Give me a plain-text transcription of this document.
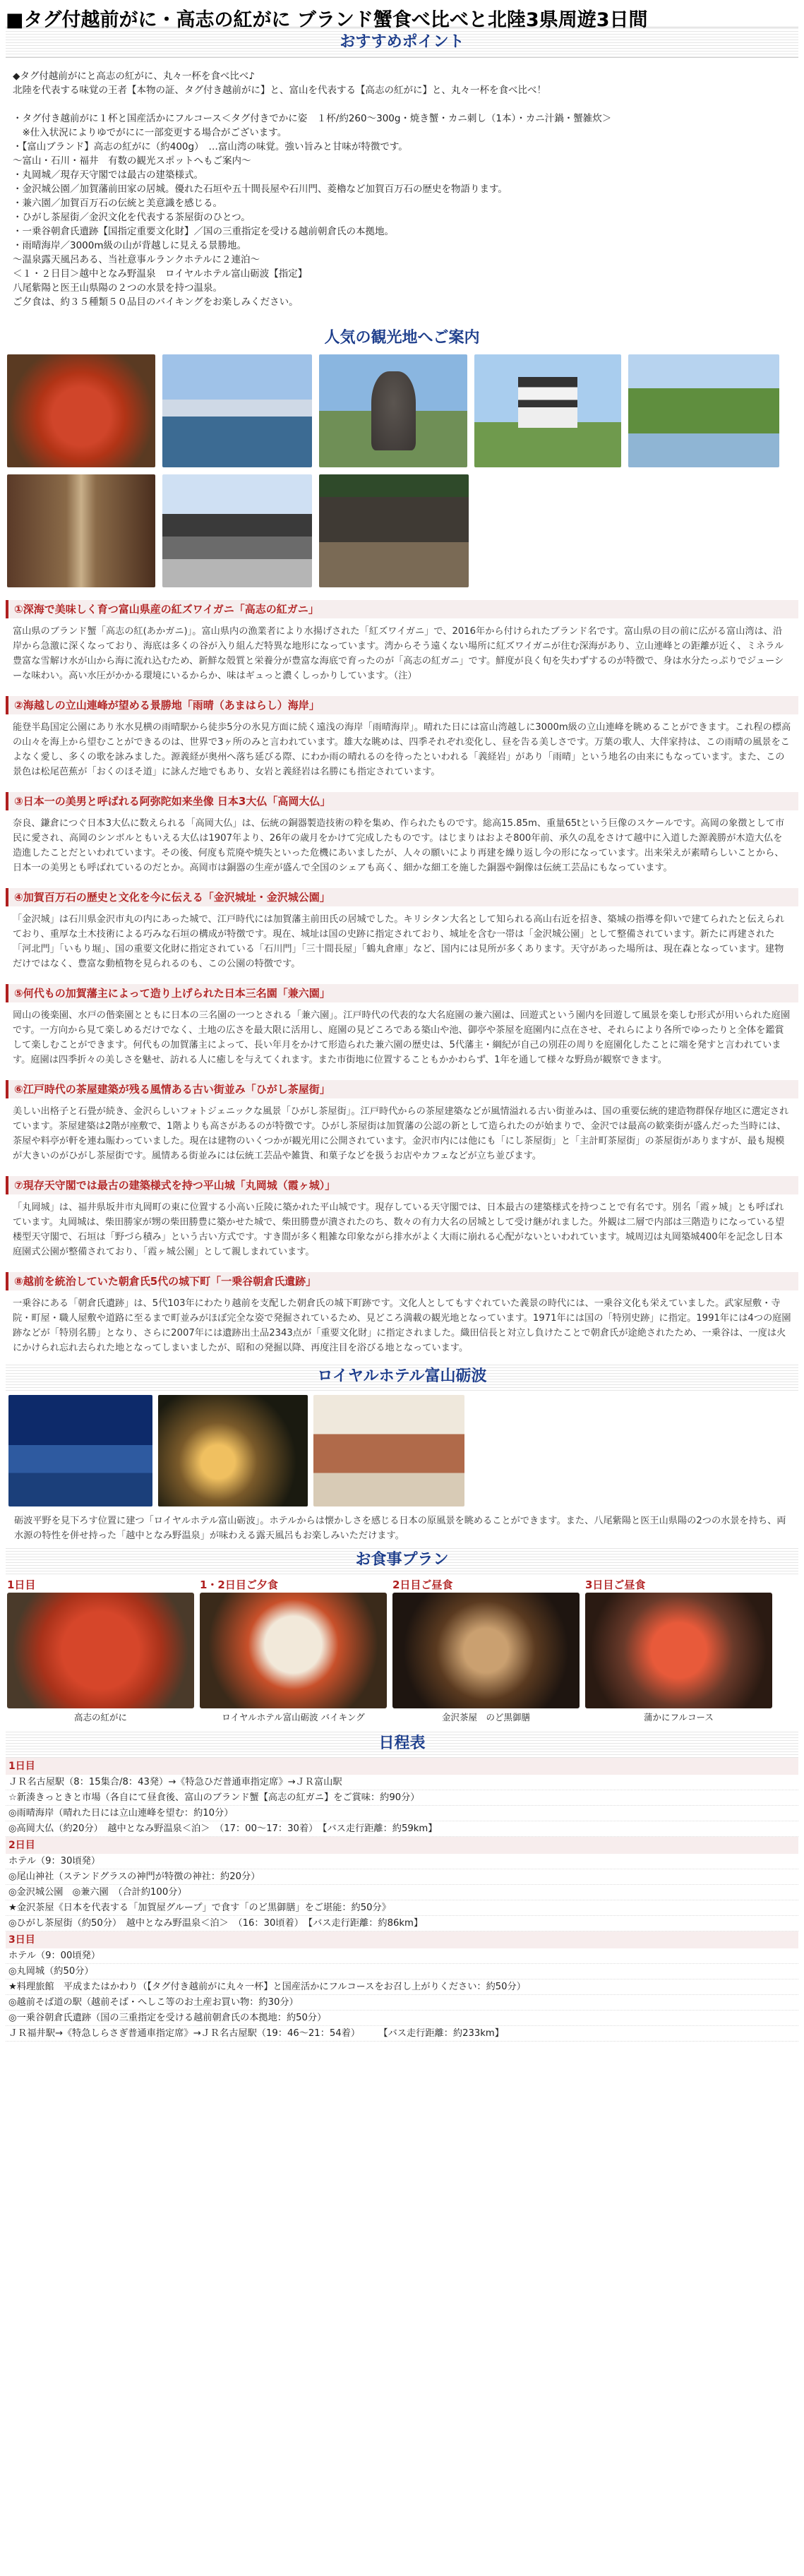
■タグ付越前がに・高志の紅がに ブランド蟹食べ比べと北陸3県周遊3日間
おすすめポイント

◆タグ付越前がにと高志の紅がに、丸々一杯を食べ比べ♪

北陸を代表する味覚の王者【本物の証、タグ付き越前がに】と、富山を代表する【高志の紅がに】と、丸々一杯を食べ比べ！

・タグ付き越前がに１杯と国産活かにフルコース＜タグ付きでかに姿　１杯/約260～300g・焼き蟹・カニ刺し（1本）・カニ汁鍋・蟹雑炊＞

　※仕入状況によりゆでがにに一部変更する場合がございます。

・【富山ブランド】高志の紅がに（約400g）　…富山湾の味覚。強い旨みと甘味が特徴です。

〜富山・石川・福井　有数の観光スポットへもご案内〜

・丸岡城／現存天守閣では最古の建築様式。

・金沢城公園／加賀藩前田家の居城。優れた石垣や五十間長屋や石川門、菱櫓など加賀百万石の歴史を物語ります。

・兼六園／加賀百万石の伝統と美意識を感じる。

・ひがし茶屋街／金沢文化を代表する茶屋街のひとつ。

・一乗谷朝倉氏遺跡【国指定重要文化財】／国の三重指定を受ける越前朝倉氏の本拠地。

・雨晴海岸／3000m級の山が背越しに見える景勝地。

〜温泉露天風呂ある、当社意事ルランクホテルに２連泊〜

＜１・２日目＞越中となみ野温泉　ロイヤルホテル富山砺波【指定】

八尾紫陽と医王山県陽の２つの水景を持つ温泉。

ご夕食は、約３５種類５０品目のバイキングをお楽しみください。

人気の観光地へご案内
①深海で美味しく育つ富山県産の紅ズワイガニ「高志の紅ガニ」
富山県のブランド蟹「高志の紅(あかガニ)」。富山県内の漁業者により水揚げされた「紅ズワイガニ」で、2016年から付けられたブランド名です。富山県の目の前に広がる富山湾は、沿岸から急激に深くなっており、海底は多くの谷が入り組んだ特異な地形になっています。湾からそう遠くない場所に紅ズワイガニが住む深海があり、立山連峰との距離が近く、ミネラル豊富な雪解け水が山から海に流れ込むため、新鮮な殻質と栄養分が豊富な海底で育ったのが「高志の紅ガニ」です。鮮度が良く旬を失わずするのが特徴で、身は水分たっぷりでジューシーな味わい。高い水圧がかかる環境にいるからか、味はギュっと濃くしっかりしています。（注）
②海越しの立山連峰が望める景勝地「雨晴（あまはらし）海岸」
能登半島国定公園にあり氷水見横の雨晴駅から徒歩5分の氷見方面に続く遠浅の海岸「雨晴海岸」。晴れた日には富山湾越しに3000m級の立山連峰を眺めることができます。これ程の標高の山々を海上から望むことができるのは、世界で3ヶ所のみと言われています。雄大な眺めは、四季それぞれ変化し、昼を告る美しさです。万葉の歌人、大伴家持は、この雨晴の風景をこよなく愛し、多くの歌を詠みました。源義経が奥州へ落ち延びる際、にわか雨の晴れるのを待ったといわれる「義経岩」があり「雨晴」という地名の由来にもなっています。また、この景色は松尾芭蕉が「おくのほそ道」に詠んだ地でもあり、女岩と義経岩は名勝にも指定されています。
③日本一の美男と呼ばれる阿弥陀如来坐像 日本3大仏「高岡大仏」
奈良、鎌倉につぐ日本3大仏に数えられる「高岡大仏」は、伝統の銅器製造技術の粋を集め、作られたものです。総高15.85m、重量65tという巨像のスケールです。高岡の象徴として市民に愛され、高岡のシンボルともいえる大仏は1907年より、26年の歳月をかけて完成したものです。はじまりはおよそ800年前、承久の乱をさけて越中に入道した源義勝が木造大仏を造進したことだといわれています。その後、何度も荒廃や焼失といった危機にあいましたが、人々の願いにより再建を繰り返し今の形になっています。出来栄えが素晴らしいことから、日本一の美男とも呼ばれているのだとか。高岡市は銅器の生産が盛んで全国のシェアも高く、細かな細工を施した銅器や銅像は伝統工芸品にもなっています。
④加賀百万石の歴史と文化を今に伝える「金沢城址・金沢城公園」
「金沢城」は石川県金沢市丸の内にあった城で、江戸時代には加賀藩主前田氏の居城でした。キリシタン大名として知られる高山右近を招き、築城の指導を仰いで建てられたと伝えられており、重厚な土木技術による巧みな石垣の構成が特徴です。現在、城址は国の史跡に指定されており、城址を含む一帯は「金沢城公園」として整備されています。新たに再建された「河北門」「いもり堀」、国の重要文化財に指定されている「石川門」「三十間長屋」「鶴丸倉庫」など、国内には見所が多くあります。天守があった場所は、現在森となっています。建物だけではなく、豊富な動植物を見られるのも、この公園の特徴です。
⑤何代もの加賀藩主によって造り上げられた日本三名園「兼六園」
岡山の後楽園、水戸の偕楽園とともに日本の三名園の一つとされる「兼六園」。江戸時代の代表的な大名庭園の兼六園は、回遊式という園内を回遊して風景を楽しむ形式が用いられた庭園です。一方向から見て楽しめるだけでなく、土地の広さを最大限に活用し、庭園の見どころである築山や池、御亭や茶屋を庭園内に点在させ、それらにより各所でゆったりと全体を鑑賞して楽しむことができます。何代もの加賀藩主によって、長い年月をかけて形造られた兼六園の歴史は、5代藩主・綱紀が自己の別荘の周りを庭園化したことに端を発すと言われています。庭園は四季折々の美しさを魅せ、訪れる人に癒しを与えてくれます。また市街地に位置することもかかわらず、1年を通して様々な野鳥が観察できます。
⑥江戸時代の茶屋建築が残る風情ある古い街並み「ひがし茶屋街」
美しい出格子と石畳が続き、金沢らしいフォトジェニックな風景「ひがし茶屋街」。江戸時代からの茶屋建築などが風情溢れる古い街並みは、国の重要伝統的建造物群保存地区に選定されています。茶屋建築は2階が座敷で、1階よりも高さがあるのが特徴です。ひがし茶屋街は加賀藩の公認の新として造られたのが始まりで、金沢では最高の歓楽街が盛んだった当時には、茶屋や料亭が軒を連ね賑わっていました。現在は建物のいくつかが観光用に公開されています。金沢市内には他にも「にし茶屋街」と「主計町茶屋街」の茶屋街がありますが、最も規模が大きいのがひがし茶屋街です。風情ある街並みには伝統工芸品や雑貨、和菓子などを扱うお店やカフェなどが立ち並びます。
⑦現存天守閣では最古の建築様式を持つ平山城「丸岡城（霞ヶ城）」
「丸岡城」は、福井県坂井市丸岡町の東に位置する小高い丘陵に築かれた平山城です。現存している天守閣では、日本最古の建築様式を持つことで有名です。別名「霞ヶ城」とも呼ばれています。丸岡城は、柴田勝家が甥の柴田勝豊に築かせた城で、柴田勝豊が潰されたのち、数々の有力大名の居城として受け継がれました。外観は二層で内部は三階造りになっている望楼型天守閣で、石垣は「野づら積み」という古い方式です。すき間が多く粗雑な印象ながら排水がよく大雨に崩れる心配がないといわれています。城周辺は丸岡築城400年を記念し日本庭園式公園が整備されており、「霞ヶ城公園」として親しまれています。
⑧越前を統治していた朝倉氏5代の城下町「一乗谷朝倉氏遺跡」
一乗谷にある「朝倉氏遺跡」は、5代103年にわたり越前を支配した朝倉氏の城下町跡です。文化人としてもすぐれていた義景の時代には、一乗谷文化も栄えていました。武家屋敷・寺院・町屋・職人屋敷や道路に至るまで町並みがほぼ完全な姿で発掘されているため、見どころ満載の観光地となっています。1971年には国の「特別史跡」に指定。1991年には4つの庭園跡などが「特別名勝」となり、さらに2007年には遺跡出土品2343点が「重要文化財」に指定されました。織田信長と対立し負けたことで朝倉氏が途絶されたため、一乗谷は、一度は火にかけられ忘れ去られた地となってしまいましたが、昭和の発掘以降、再度注目を浴びる地となっています。
ロイヤルホテル富山砺波
砺波平野を見下ろす位置に建つ「ロイヤルホテル富山砺波」。ホテルからは懐かしさを感じる日本の原風景を眺めることができます。また、八尾紫陽と医王山県陽の2つの水景を持ち、両水源の特性を併せ持った「越中となみ野温泉」が味わえる露天風呂もお楽しみいただけます。
お食事プラン
1日目
高志の紅がに
1・2日目ご夕食
ロイヤルホテル富山砺波 バイキング
2日目ご昼食
金沢茶屋　のど黒御膳
3日目ご昼食
蒲かにフルコース
日程表
1日目
ＪＲ名古屋駅（8：15集合/8：43発）→《特急ひだ普通車指定席》→ＪＲ富山駅
☆新湊きっときと市場（各自にて昼食後、富山のブランド蟹【高志の紅ガニ】をご賞味：約90分）
◎雨晴海岸（晴れた日には立山連峰を望む：約10分）
◎高岡大仏（約20分）　越中となみ野温泉＜泊＞　（17：00～17：30着）　【バス走行距離：約59km】
2日目
ホテル（9：30頃発）
◎尾山神社（ステンドグラスの神門が特徴の神社：約20分）
◎金沢城公園　◎兼六園　（合計約100分）
★金沢茶屋《日本を代表する「加賀屋グループ」で食す「のど黒御膳」をご堪能：約50分》
◎ひがし茶屋街（約50分）　越中となみ野温泉＜泊＞　（16：30頃着）　【バス走行距離：約86km】
3日目
ホテル（9：00頃発）
◎丸岡城（約50分）
★料理旅館　平成またはかわり（【タグ付き越前がに丸々一杯】と国産活かにフルコースをお召し上がりください：約50分）
◎越前そば道の駅（越前そば・へしこ等のお土産お買い物：約30分）
◎一乗谷朝倉氏遺跡（国の三重指定を受ける越前朝倉氏の本拠地：約50分）
ＪＲ福井駅→《特急しらさぎ普通車指定席》→ＪＲ名古屋駅（19：46〜21：54着）　　　【バス走行距離：約233km】
